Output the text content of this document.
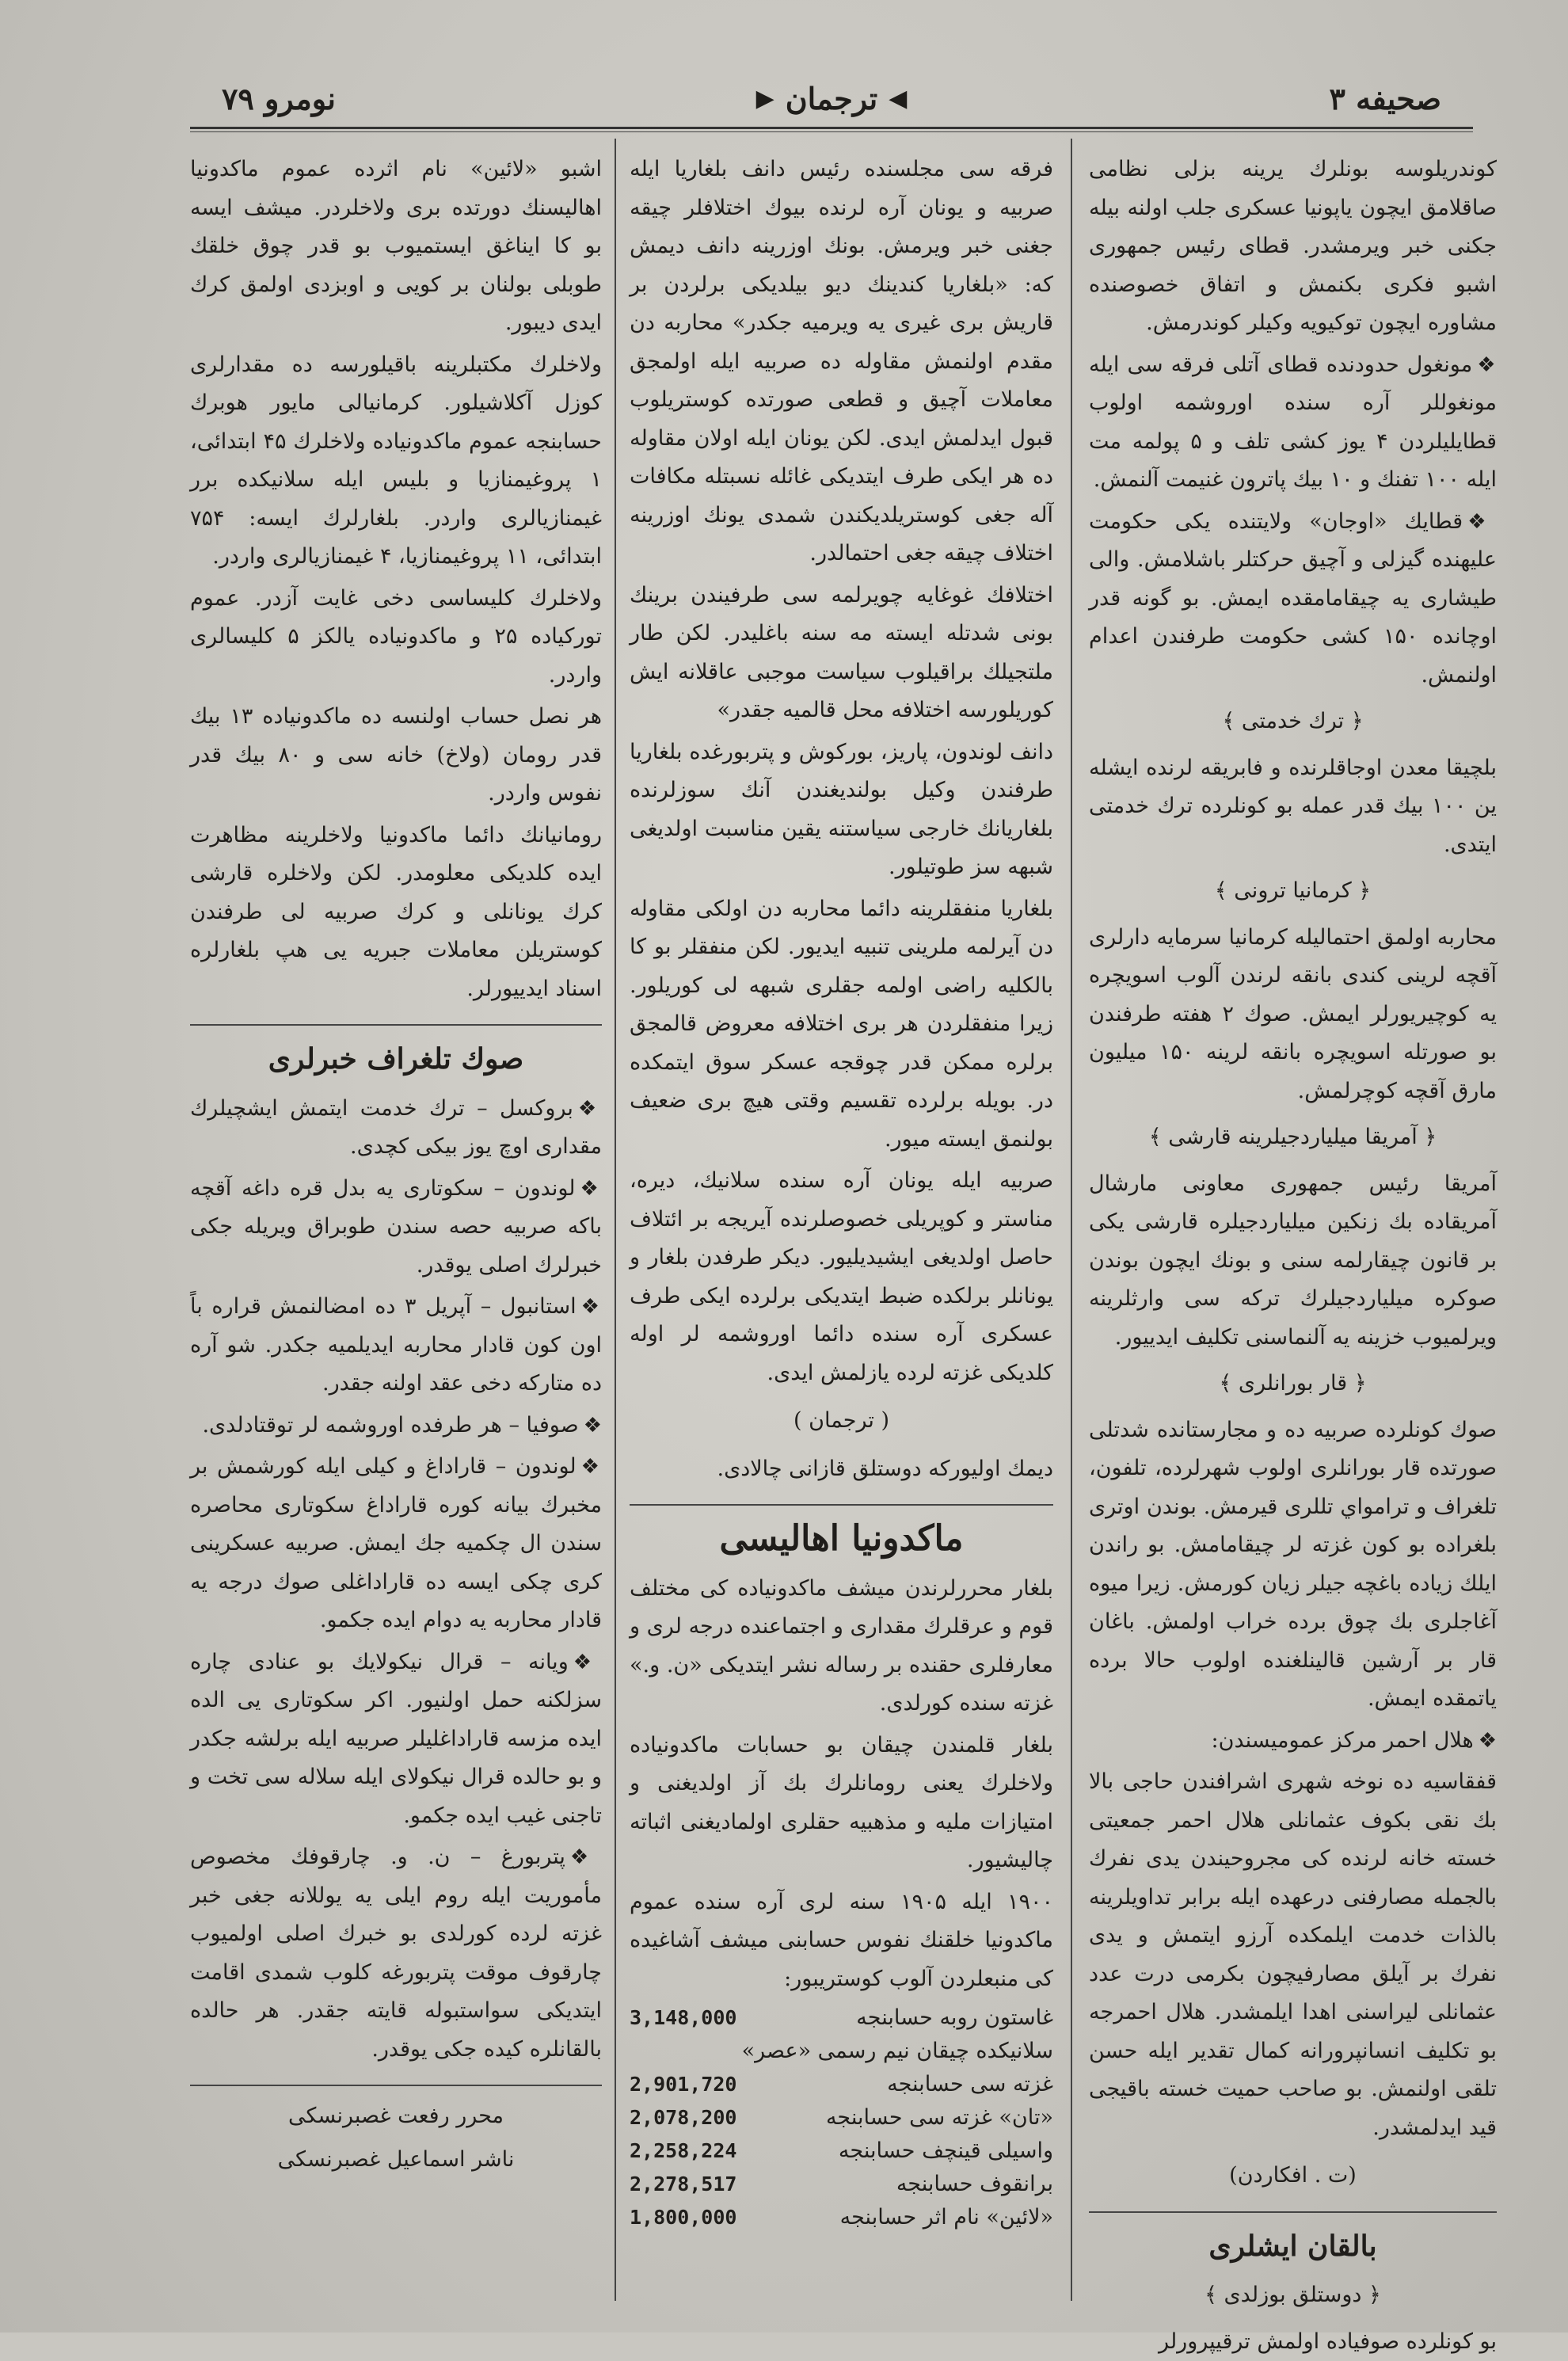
صحیفه ۳
◀
ترجمان
▶
نومرو ۷۹

کوندریلوسه بونلرك یرینه بزلی نظامی صاقلامق ایچون یاپونیا عسکری جلب اولنه بیله جکنی خبر ویرمشدر. قطای رئیس جمهوری اشبو فکری بکنمش و اتفاق خصوصنده مشاوره ایچون توکیویه وکیلر کوندرمش.

❖مونغول حدودنده قطای آتلی فرقه سی ایله مونغوللر آره سنده اوروشمه اولوب قطایلیلردن ۴ یوز کشی تلف و ۵ پولمه مت ایله ۱۰۰ تفنك و ۱۰ بیك پاترون غنیمت آلنمش.

❖قطایك «اوجان» ولایتنده یکی حکومت علیهنده گیزلی و آچیق حرکتلر باشلامش. والی طیشاری یه چیقامامقده ایمش. بو گونه قدر اوچاندە ۱۵۰ کشی حکومت طرفندن اعدام اولنمش.

﴿ ترك خدمتی ﴾

بلچیقا معدن اوجاقلرنده و فابریقه لرنده ایشله ین ۱۰۰ بیك قدر عمله بو کونلرده ترك خدمتی ایتدی.

﴿ کرمانیا ترونی ﴾

محاربه اولمق احتمالیله کرمانیا سرمایه دارلری آقچه لرینی کندی بانقه لرندن آلوب اسویچره یه کوچیریورلر ایمش. صوك ۲ هفته طرفندن بو صورتله اسویچره بانقه لرینه ۱۵۰ میلیون مارق آقچه کوچرلمش.

﴿ آمریقا میلیاردجیلرینه قارشی ﴾

آمریقا رئیس جمهوری معاونی مارشال آمریقاده بك زنکین میلیاردجیلره قارشی یکی بر قانون چیقارلمه سنی و بونك ایچون بوندن صوکره میلیاردجیلرك ترکه سی وارثلرینه ویرلمیوب خزینه یه آلنماسنی تکلیف ایدییور.

﴿ قار بورانلری ﴾

صوك کونلرده صربیه ده و مجارستانده شدتلی صورتده قار بورانلری اولوب شهرلرده، تلفون، تلغراف و ترامواي تللری قیرمش. بوندن اوترى بلغراده بو کون غزته لر چیقامامش. بو راندن ایلك زیاده باغچه جیلر زیان کورمش. زیرا میوه آغاجلری بك چوق برده خراب اولمش. باغان قار بر آرشین قالینلغنده اولوب حالا برده یاتمقده ایمش.

❖هلال احمر مرکز عمومیسندن:

قفقاسیه ده نوخه شهری اشرافندن حاجی بالا بك نقی بکوف عثمانلی هلال احمر جمعیتی خسته خانه لرنده کی مجروحیندن یدی نفرك بالجمله مصارفنی درعهده ایله برابر تداویلرینه بالذات خدمت ایلمکده آرزو ایتمش و یدی نفرك بر آیلق مصارفیچون بکرمی درت عدد عثمانلی لیراسنی اهدا ایلمشدر. هلال احمرجه بو تکلیف انسانپرورانه کمال تقدیر ایله حسن تلقی اولنمش. بو صاحب حمیت خسته باقیجی قید ایدلمشدر.

(ت . افکاردن)
بالقان ایشلری
﴿ دوستلق بوزلدی ﴾

بو کونلرده صوفیاده اولمش ترقیپرورلر

فرقه سی مجلسنده رئیس دانف بلغاریا ایله صربیه و یونان آره لرنده بیوك اختلافلر چیقه جغنی خبر ویرمش. بونك اوزرینه دانف دیمش که: «بلغاریا کندینك دیو بیلدیکی برلردن بر قاریش بری غیری یه ویرمیه جکدر» محاربه دن مقدم اولنمش مقاوله ده صربیه ایله اولمجق معاملات آچیق و قطعی صورتده کوستریلوب قبول ایدلمش ایدی. لکن یونان ایله اولان مقاوله ده هر ایکی طرف ایتدیکی غائله نسبتله مکافات آله جغی کوستریلدیکندن شمدی یونك اوزرینه اختلاف چیقه جغی احتمالدر.

اختلافك غوغایه چویرلمه سی طرفیندن برینك بونی شدتله ایسته مه سنه باغلیدر. لکن طار ملتجیلك براقیلوب سیاست موجبی عاقلانه ایش کوریلورسه اختلافه محل قالمیه جقدر»

دانف لوندون، پاریز، بورکوش و پتربورغده بلغاریا طرفندن وکیل بولندیغندن آنك سوزلرنده بلغاریانك خارجی سیاستنه یقین مناسبت اولدیغی شبهه سز طوتیلور.

بلغاریا منفقلرینه دائما محاربه دن اولکی مقاوله دن آیرلمه ملرینی تنبیه ایدیور. لکن منفقلر بو کا بالکلیه راضی اولمه جقلری شبهه لی کوریلور. زیرا منفقلردن هر بری اختلافه معروض قالمجق برلره ممکن قدر چوقجه عسکر سوق ایتمکده در. بویله برلرده تقسیم وقتی هیچ بری ضعیف بولنمق ایسته میور.

صربیه ایله یونان آره سنده سلانیك، دیره، مناستر و کوپریلی خصوصلرنده آیریجه بر ائتلاف حاصل اولدیغی ایشیدیلیور. دیکر طرفدن بلغار و یونانلر برلکده ضبط ایتدیکی برلرده ایکی طرف عسکری آره سنده دائما اوروشمه لر اوله کلدیکی غزته لرده یازلمش ایدی.

( ترجمان )

دیمك اولیورکه دوستلق قازانی چالادی.

ماکدونیا اهالیسی

بلغار محررلرندن میشف ماکدونیاده کی مختلف قوم و عرقلرك مقداری و اجتماعنده درجه لری و معارفلری حقنده بر رساله نشر ایتدیکی «ن. و.» غزته سنده کورلدی.

بلغار قلمندن چیقان بو حسابات ماکدونیاده ولاخلرك یعنی رومانلرك بك آز اولدیغنی و امتیازات ملیه و مذهبیه حقلری اولمادیغنی اثباته چالیشیور.

۱۹۰۰ ایله ۱۹۰۵ سنه لری آره سنده عموم ماکدونیا خلقنك نفوس حسابنی میشف آشاغیده کی منبعلردن آلوب کوستریبور:

غاستون روبه حسابنجه
3,148,000
سلانیکده چیقان نیم رسمی «عصر»
غزته سی حسابنجه
2,901,720
«تان» غزته سی حسابنجه
2,078,200
واسیلی قینچف حسابنجه
2,258,224
برانقوف حسابنجه
2,278,517
«لائین» نام اثر حسابنجه
1,800,000

اشبو «لائین» نام اثرده عموم ماکدونیا اهالیسنك دورتده بری ولاخلردر. میشف ایسه بو کا ایناغق ایستمیوب بو قدر چوق خلقك طوبلی بولنان بر کویی و اوبزدی اولمق کرك ایدی دیبور.

ولاخلرك مکتبلرینه باقیلورسه ده مقدارلری کوزل آکلاشیلور. کرمانیالی مایور هوبرك حسابنجه عموم ماکدونیاده ولاخلرك ۴۵ ابتدائی، ۱ پروغیمنازیا و بلیس ایله سلانیکده برر غیمنازیالری واردر. بلغارلرك ایسه: ۷۵۴ ابتدائی، ۱۱ پروغیمنازیا، ۴ غیمنازیالری واردر.

ولاخلرك کلیساسی دخی غایت آزدر. عموم تورکیاده ۲۵ و ماکدونیاده یالکز ۵ کلیسالری واردر.

هر نصل حساب اولنسه ده ماکدونیاده ۱۳ بیك قدر رومان (ولاخ) خانه سی و ۸۰ بیك قدر نفوس واردر.

رومانیانك دائما ماکدونیا ولاخلرینه مظاهرت ایده کلدیکی معلومدر. لکن ولاخلره قارشی کرك یونانلی و کرك صربیه لی طرفندن کوستریلن معاملات جبریه یی هپ بلغارلره اسناد ایدییورلر.

صوك تلغراف خبرلری

❖بروکسل – ترك خدمت ایتمش ایشچیلرك مقداری اوچ یوز بیکی کچدی.

❖لوندون – سکوتاری یه بدل قره داغه آقچه باکه صربیه حصه سندن طوبراق ویریله جکی خبرلرك اصلی یوقدر.

❖استانبول – آپریل ۳ ده امضالنمش قراره باً اون کون قادار محاربه ایدیلمیه جکدر. شو آره ده متارکه دخی عقد اولنه جقدر.

❖صوفیا – هر طرفده اوروشمه لر توقتادلدی.

❖لوندون – قاراداغ و کیلی ایله کورشمش بر مخبرك بیانه کوره قاراداغ سکوتاری محاصره سندن ال چکمیه جك ایمش. صربیه عسکرینی کری چکی ایسه ده قاراداغلی صوك درجه یه قادار محاربه یه دوام ایده جکمو.

❖ویانه – قرال نیکولایك بو عنادی چاره سزلکنه حمل اولنیور. اکر سکوتاری یی الده ایده مزسه قاراداغلیلر صربیه ایله برلشه جکدر و بو حالده قرال نیکولای ایله سلاله سی تخت و تاجنی غیب ایده جکمو.

❖پتربورغ – ن. و. چارقوفك مخصوص مأموریت ایله روم ایلی یه یوللانه جغی خبر غزته لرده کورلدی بو خبرك اصلی اولمیوب چارقوف موقت پتربورغه کلوب شمدی اقامت ایتدیکی سواستبوله قایته جقدر. هر حالده بالقانلره کیده جکی یوقدر.

محرر رفعت غصبرنسکی

ناشر اسماعیل غصبرنسکی
